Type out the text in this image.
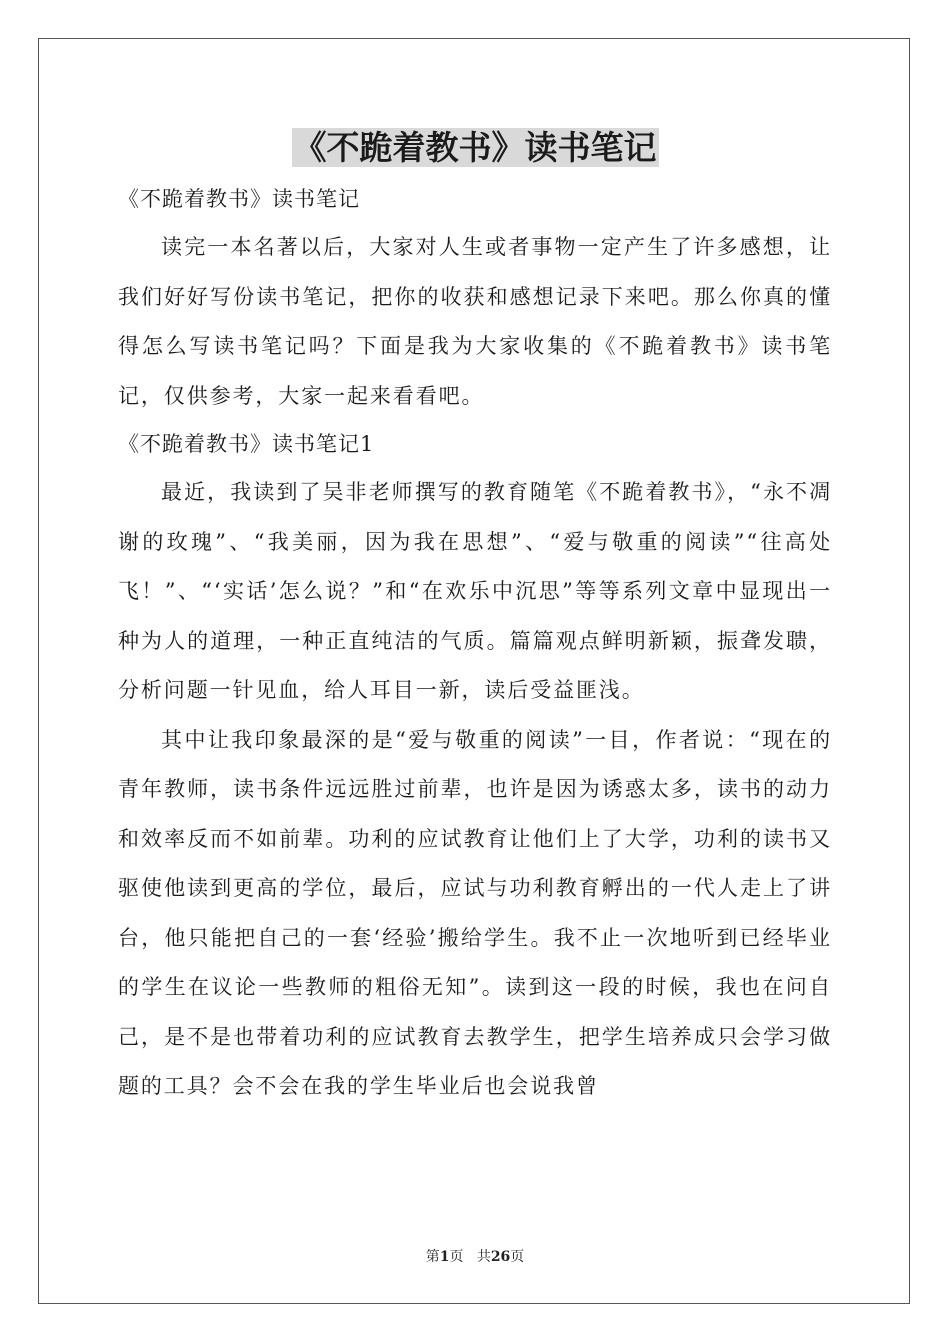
《不跪着教书》读书笔记

《不跪着教书》读书笔记

读完一本名著以后，大家对人生或者事物一定产生了许多感想，让我们好好写份读书笔记，把你的收获和感想记录下来吧。那么你真的懂得怎么写读书笔记吗？下面是我为大家收集的《不跪着教书》读书笔记，仅供参考，大家一起来看看吧。

《不跪着教书》读书笔记1

最近，我读到了吴非老师撰写的教育随笔《不跪着教书》，“永不凋谢的玫瑰”、“我美丽，因为我在思想”、“爱与敬重的阅读”“往高处飞！”、“‘实话’怎么说？”和“在欢乐中沉思”等等系列文章中显现出一种为人的道理，一种正直纯洁的气质。篇篇观点鲜明新颖，振聋发聩，分析问题一针见血，给人耳目一新，读后受益匪浅。

其中让我印象最深的是“爱与敬重的阅读”一目，作者说：“现在的青年教师，读书条件远远胜过前辈，也许是因为诱惑太多，读书的动力和效率反而不如前辈。功利的应试教育让他们上了大学，功利的读书又驱使他读到更高的学位，最后，应试与功利教育孵出的一代人走上了讲台，他只能把自己的一套‘经验’搬给学生。我不止一次地听到已经毕业的学生在议论一些教师的粗俗无知”。读到这一段的时候，我也在问自己，是不是也带着功利的应试教育去教学生，把学生培养成只会学习做题的工具？会不会在我的学生毕业后也会说我曾

第1页 共26页
